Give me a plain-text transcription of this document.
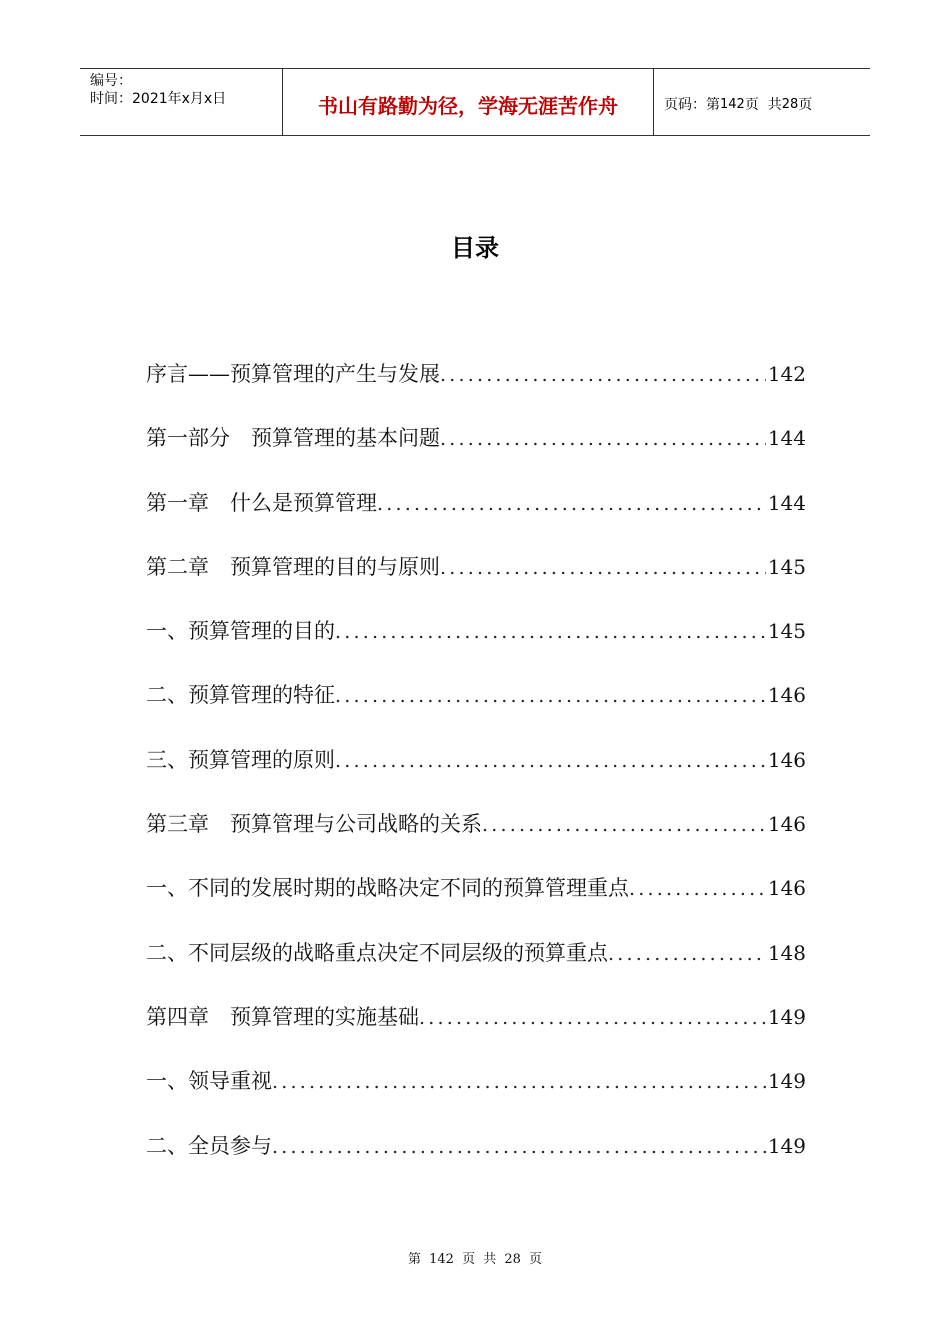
编号：
时间：2021年x月x日	书山有路勤为径，学海无涯苦作舟	页码：第 142 页  共 28 页
目录
序言——预算管理的产生与发展 .....	142
第一部分　预算管理的基本问题 .....	144
第一章　什么是预算管理 .....	144
第二章　预算管理的目的与原则 .....	145
一、预算管理的目的 .....	145
二、预算管理的特征 .....	146
三、预算管理的原则 .....	146
第三章　预算管理与公司战略的关系 .....	146
一、不同的发展时期的战略决定不同的预算管理重点 .....	146
二、不同层级的战略重点决定不同层级的预算重点 .....	148
第四章　预算管理的实施基础 .....	149
一、领导重视 .....	149
二、全员参与 .....	149
第 142 页 共 28 页
